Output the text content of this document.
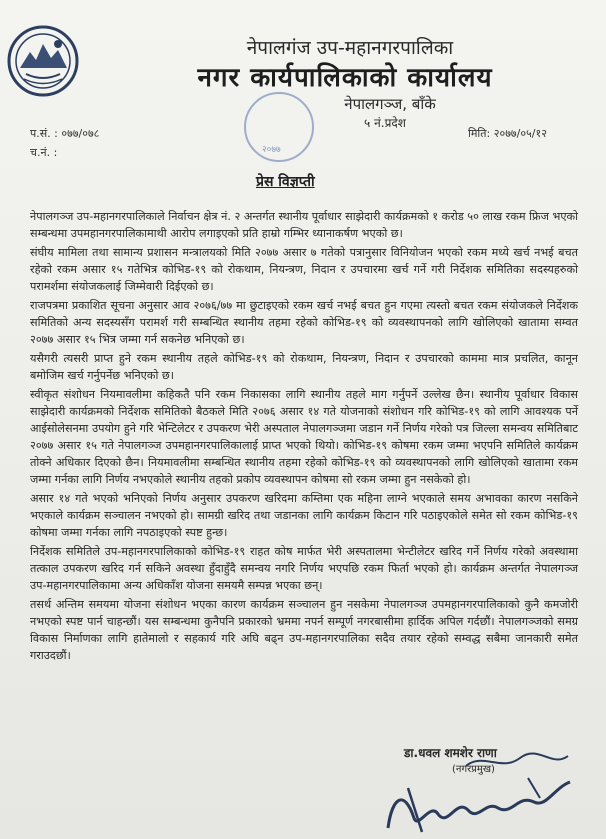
नेपालगंज उप-महानगरपालिका
नगर कार्यपालिकाको कार्यालय
नेपालगञ्ज, बाँके
५ नं.प्रदेश
२०७७
प.सं. : ०७७/०७८
च.नं. :
मिति: २०७७/०५/१२
प्रेस विज्ञप्ती

नेपालगञ्ज उप-महानगरपालिकाले निर्वाचन क्षेत्र नं. २ अन्तर्गत स्थानीय पूर्वाधार साझेदारी कार्यक्रमको १ करोड ५० लाख रकम फ्रिज भएको सम्बन्धमा उपमहानगरपालिकामाथी आरोप लगाइएको प्रति हाम्रो गम्भिर ध्यानाकर्षण भएको छ।

संघीय मामिला तथा सामान्य प्रशासन मन्त्रालयको मिति २०७७ असार ७ गतेको पत्रानुसार विनियोजन भएको रकम मध्ये खर्च नभई बचत रहेको रकम असार १५ गतेभित्र कोभिड-१९ को रोकथाम, नियन्त्रण, निदान र उपचारमा खर्च गर्ने गरी निर्देशक समितिका सदस्यहरुको परामर्शमा संयोजकलाई जिम्मेवारी दिईएको छ।

राजपत्रमा प्रकाशित सूचना अनुसार आव २०७६/७७ मा छुटाइएको रकम खर्च नभई बचत हुन गएमा त्यस्तो बचत रकम संयोजकले निर्देशक समितिको अन्य सदस्यसँग परामर्श गरी सम्बन्धित स्थानीय तहमा रहेको कोभिड-१९ को व्यवस्थापनको लागि खोलिएको खातामा सम्वत २०७७ असार १५ भित्र जम्मा गर्न सकनेछ भनिएको छ।

यसैगरी त्यसरी प्राप्त हुने रकम स्थानीय तहले कोभिड-१९ को रोकथाम, नियन्त्रण, निदान र उपचारको काममा मात्र प्रचलित, कानून बमोजिम खर्च गर्नुपर्नेछ भनिएको छ।

स्वीकृत संशोधन नियमावलीमा कहिकतै पनि रकम निकासका लागि स्थानीय तहले माग गर्नुपर्ने उल्लेख छैन। स्थानीय पूर्वाधार विकास साझेदारी कार्यक्रमको निर्देशक समितिको बैठकले मिति २०७६ असार १४ गते योजनाको संशोधन गरि कोभिड-१९ को लागि आवश्यक पर्ने आईसोलेसनमा उपयोग हुने गरि भेन्टिलेटर र उपकरण भेरी अस्पताल नेपालगञ्जमा जडान गर्ने निर्णय गरेको पत्र जिल्ला समन्वय समितिबाट २०७७ असार १५ गते नेपालगञ्ज उपमहानगरपालिकालाई प्राप्त भएको थियो। कोभिड-१९ कोषमा रकम जम्मा भएपनि समितिले कार्यक्रम तोक्ने अधिकार दिएको छैन। नियमावलीमा सम्बन्धित स्थानीय तहमा रहेको कोभिड-१९ को व्यवस्थापनको लागि खोलिएको खातामा रकम जम्मा गर्नका लागि निर्णय नभएकोले स्थानीय तहको प्रकोप व्यवस्थापन कोषमा सो रकम जम्मा हुन नसकेको हो।

असार १४ गते भएको भनिएको निर्णय अनुसार उपकरण खरिदमा कम्तिमा एक महिना लाग्ने भएकाले समय अभावका कारण नसकिने भएकाले कार्यक्रम सञ्चालन नभएको हो। सामग्री खरिद तथा जडानका लागि कार्यक्रम किटान गरि पठाइएकोले समेत सो रकम कोभिड-१९ कोषमा जम्मा गर्नका लागि नपठाइएको स्पष्ट हुन्छ।

निर्देशक समितिले उप-महानगरपालिकाको कोभिड-१९ राहत कोष मार्फत भेरी अस्पतालमा भेन्टीलेटर खरिद गर्ने निर्णय गरेको अवस्थामा तत्काल उपकरण खरिद गर्न सकिने अवस्था हुँदाहुँदै समन्वय नगरि निर्णय भएपछि रकम फिर्ता भएको हो। कार्यक्रम अन्तर्गत नेपालगञ्ज उप-महानगरपालिकामा अन्य अधिकाँश योजना समयमै सम्पन्न भएका छन्।

तसर्थ अन्तिम समयमा योजना संशोधन भएका कारण कार्यक्रम सञ्चालन हुन नसकेमा नेपालगञ्ज उपमहानगरपालिकाको कुनै कमजोरी नभएको स्पष्ट पार्न चाहन्छौं। यस सम्बन्धमा कुनैपनि प्रकारको भ्रममा नपर्न सम्पूर्ण नगरबासीमा हार्दिक अपिल गर्दछौं। नेपालगञ्जको समग्र विकास निर्माणका लागि हातेमालो र सहकार्य गरि अघि बढ्न उप-महानगरपालिका सदैव तयार रहेको सम्वद्ध सबैमा जानकारी समेत गराउदछौं।

डा.धवल शमशेर राणा
(नगरप्रमुख)
